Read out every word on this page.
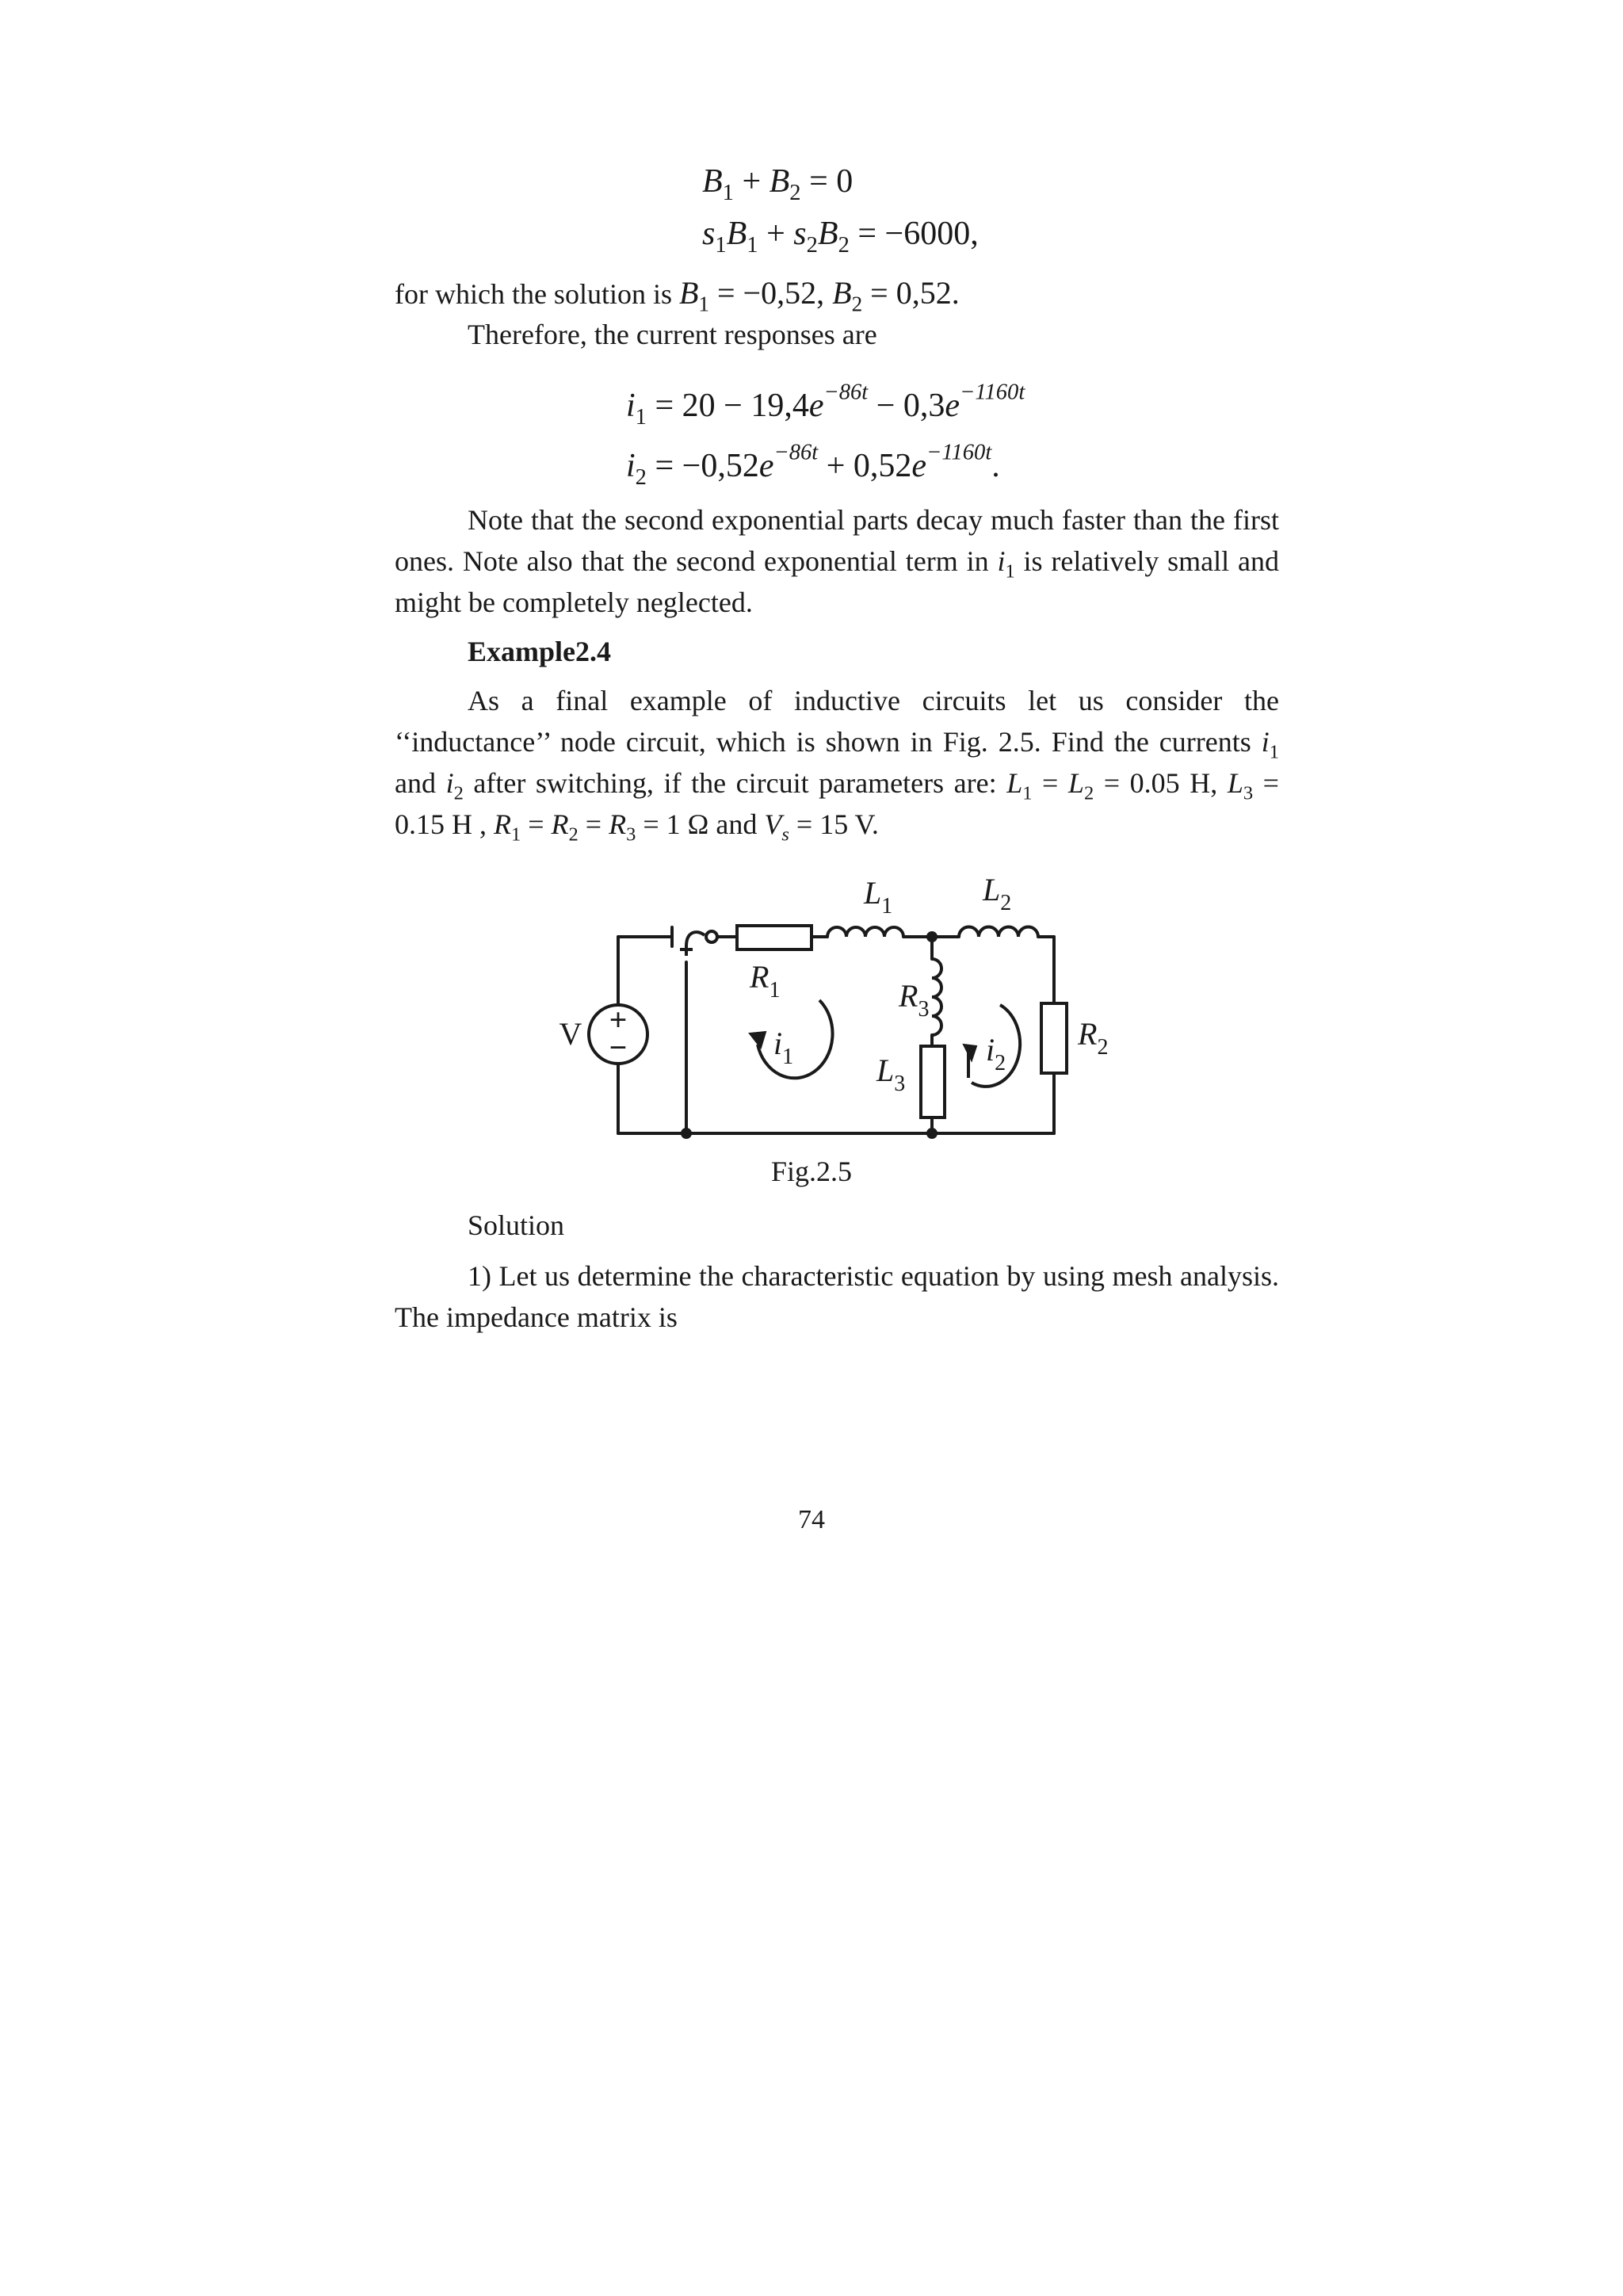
$B_1 + B_2 = 0$
$s_1B_1 + s_2B_2 = -6000$,
for which the solution is $B_1 = -0,52$, $B_2 = 0,52$.
Therefore, the current responses are
$i_1 = 20 - 19,4e^{-86t} - 0,3e^{-1160t}$
$i_2 = -0,52e^{-86t} + 0,52e^{-1160t}$.
Note that the second exponential parts decay much faster than the first ones. Note also that the second exponential term in $i_1$ is relatively small and might be completely neglected.
Example2.4
As a final example of inductive circuits let us consider the ‘‘inductance’’ node circuit, which is shown in Fig. 2.5. Find the currents $i_1$ and $i_2$ after switching, if the circuit parameters are: $L_1 = L_2 = 0.05$ H, $L_3 = 0.15$ H , $R_1 = R_2 = R_3 = 1$ Ω and $V_s = 15$ V.
+
−
V
$L_1$	$L_2$
$R_1$	$R_3$
$L_3$
$R_2$
$i_1$	$i_2$
Fig.2.5
Solution
1) Let us determine the characteristic equation by using mesh analysis. The impedance matrix is
74
